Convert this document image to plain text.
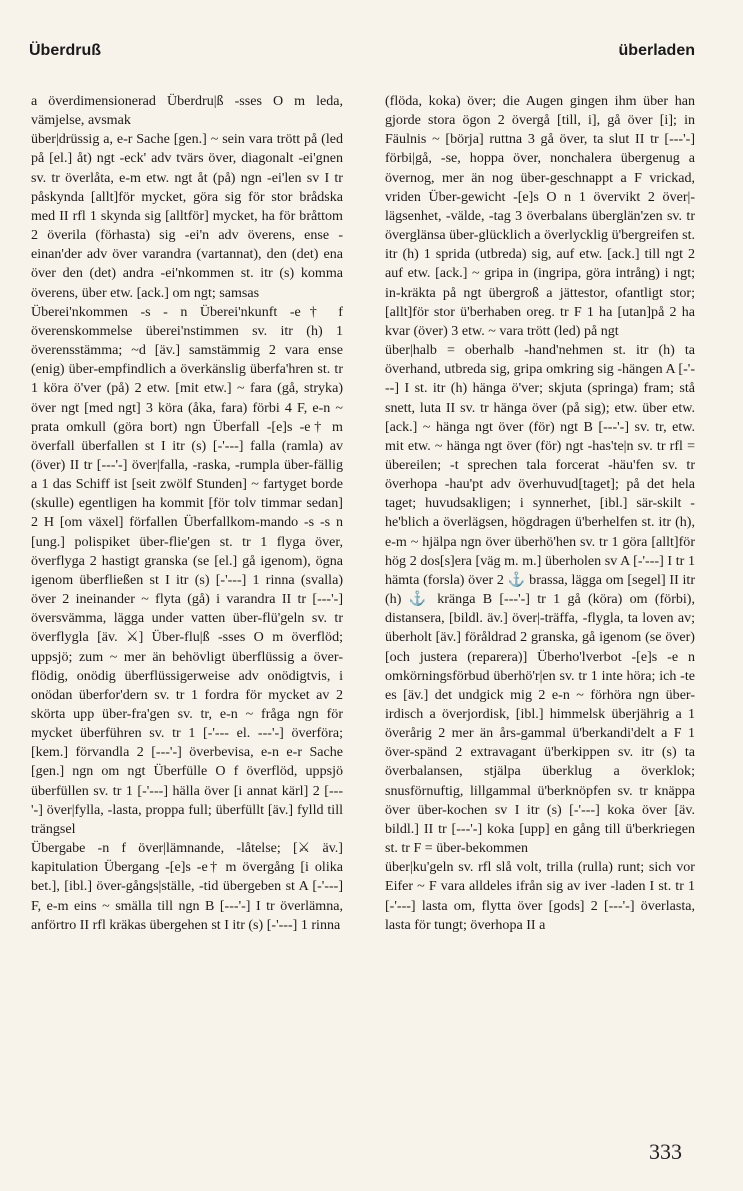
Überdruß	überladen

a överdimensionerad Überdru|ß -sses O m leda, vämjelse, avsmak

über|drüssig a, e-r Sache [gen.] ~ sein vara trött på (led på [el.] åt) ngt -eck' adv tvärs över, diagonalt -ei'gnen sv. tr överlåta, e-m etw. ngt åt (på) ngn -ei'len sv I tr påskynda [allt]för mycket, göra sig för stor brådska med II rfl 1 skynda sig [alltför] mycket, ha för bråttom 2 överila (förhasta) sig -ei'n adv överens, ense -einan'der adv över varandra (vartannat), den (det) ena över den (det) andra -ei'nkommen st. itr (s) komma överens, über etw. [ack.] om ngt; samsas

Überei'nkommen -s - n Überei'nkunft -e† f överenskommelse überei'nstimmen sv. itr (h) 1 överensstämma; ~d [äv.] samstämmig 2 vara ense (enig) über-empfindlich a överkänslig überfa'hren st. tr 1 köra ö'ver (på) 2 etw. [mit etw.] ~ fara (gå, stryka) över ngt [med ngt] 3 köra (åka, fara) förbi 4 F, e-n ~ prata omkull (göra bort) ngn Überfall -[e]s -e† m överfall überfallen st I itr (s) [-'---] falla (ramla) av (över) II tr [---'-] över|falla, -raska, -rumpla über-fällig a 1 das Schiff ist [seit zwölf Stunden] ~ fartyget borde (skulle) egentligen ha kommit [för tolv timmar sedan] 2 H [om växel] förfallen Überfallkom-mando -s -s n [ung.] polispiket über-flie'gen st. tr 1 flyga över, överflyga 2 hastigt granska (se [el.] gå igenom), ögna igenom überfließen st I itr (s) [-'---] 1 rinna (svalla) över 2 ineinander ~ flyta (gå) i varandra II tr [---'-] översvämma, lägga under vatten über-flü'geln sv. tr överflygla [äv. ⚔] Über-flu|ß -sses O m överflöd; uppsjö; zum ~ mer än behövligt überflüssig a över-flödig, onödig überflüssigerweise adv onödigtvis, i onödan überfor'dern sv. tr 1 fordra för mycket av 2 skörta upp über-fra'gen sv. tr, e-n ~ fråga ngn för mycket überführen sv. tr 1 [-'--- el. ---'-] överföra; [kem.] förvandla 2 [---'-] överbevisa, e-n e-r Sache [gen.] ngn om ngt Überfülle O f överflöd, uppsjö überfüllen sv. tr 1 [-'---] hälla över [i annat kärl] 2 [---'-] över|fylla, -lasta, proppa full; überfüllt [äv.] fylld till trängsel

Übergabe -n f över|lämnande, -låtelse; [⚔ äv.] kapitulation Übergang -[e]s -e† m övergång [i olika bet.], [ibl.] över-gångs|ställe, -tid übergeben st A [-'---] F, e-m eins ~ smälla till ngn B [---'-] I tr överlämna, anförtro II rfl kräkas übergehen st I itr (s) [-'---] 1 rinna

(flöda, koka) över; die Augen gingen ihm über han gjorde stora ögon 2 övergå [till, i], gå över [i]; in Fäulnis ~ [börja] ruttna 3 gå över, ta slut II tr [---'-] förbi|gå, -se, hoppa över, nonchalera übergenug a övernog, mer än nog über-geschnappt a F vrickad, vriden Über-gewicht -[e]s O n 1 övervikt 2 över|-lägsenhet, -välde, -tag 3 överbalans überglän'zen sv. tr överglänsa über-glücklich a överlycklig ü'bergreifen st. itr (h) 1 sprida (utbreda) sig, auf etw. [ack.] till ngt 2 auf etw. [ack.] ~ gripa in (ingripa, göra intrång) i ngt; in-kräkta på ngt übergroß a jättestor, ofantligt stor; [allt]för stor ü'berhaben oreg. tr F 1 ha [utan]på 2 ha kvar (över) 3 etw. ~ vara trött (led) på ngt

über|halb = oberhalb -hand'nehmen st. itr (h) ta överhand, utbreda sig, gripa omkring sig -hängen A [-'---] I st. itr (h) hänga ö'ver; skjuta (springa) fram; stå snett, luta II sv. tr hänga över (på sig); etw. über etw. [ack.] ~ hänga ngt över (för) ngt B [---'-] sv. tr, etw. mit etw. ~ hänga ngt över (för) ngt -has'te|n sv. tr rfl = übereilen; -t sprechen tala forcerat -häu'fen sv. tr överhopa -hau'pt adv överhuvud[taget]; på det hela taget; huvudsakligen; i synnerhet, [ibl.] sär-skilt -he'blich a överlägsen, högdragen ü'berhelfen st. itr (h), e-m ~ hjälpa ngn över überhö'hen sv. tr 1 göra [allt]för hög 2 dos[s]era [väg m. m.] überholen sv A [-'---] I tr 1 hämta (forsla) över 2 ⚓ brassa, lägga om [segel] II itr (h) ⚓ kränga B [---'-] tr 1 gå (köra) om (förbi), distansera, [bildl. äv.] över|-träffa, -flygla, ta loven av; überholt [äv.] föråldrad 2 granska, gå igenom (se över) [och justera (reparera)] Überho'lverbot -[e]s -e n omkörningsförbud überhö'r|en sv. tr 1 inte höra; ich -te es [äv.] det undgick mig 2 e-n ~ förhöra ngn über-irdisch a överjordisk, [ibl.] himmelsk überjährig a 1 överårig 2 mer än års-gammal ü'berkandi'delt a F 1 över-spänd 2 extravagant ü'berkippen sv. itr (s) ta överbalansen, stjälpa überklug a överklok; snusförnuftig, lillgammal ü'berknöpfen sv. tr knäppa över über-kochen sv I itr (s) [-'---] koka över [äv. bildl.] II tr [---'-] koka [upp] en gång till ü'berkriegen st. tr F = über-bekommen

über|ku'geln sv. rfl slå volt, trilla (rulla) runt; sich vor Eifer ~ F vara alldeles ifrån sig av iver -laden I st. tr 1 [-'---] lasta om, flytta över [gods] 2 [---'-] överlasta, lasta för tungt; överhopa II a

333
